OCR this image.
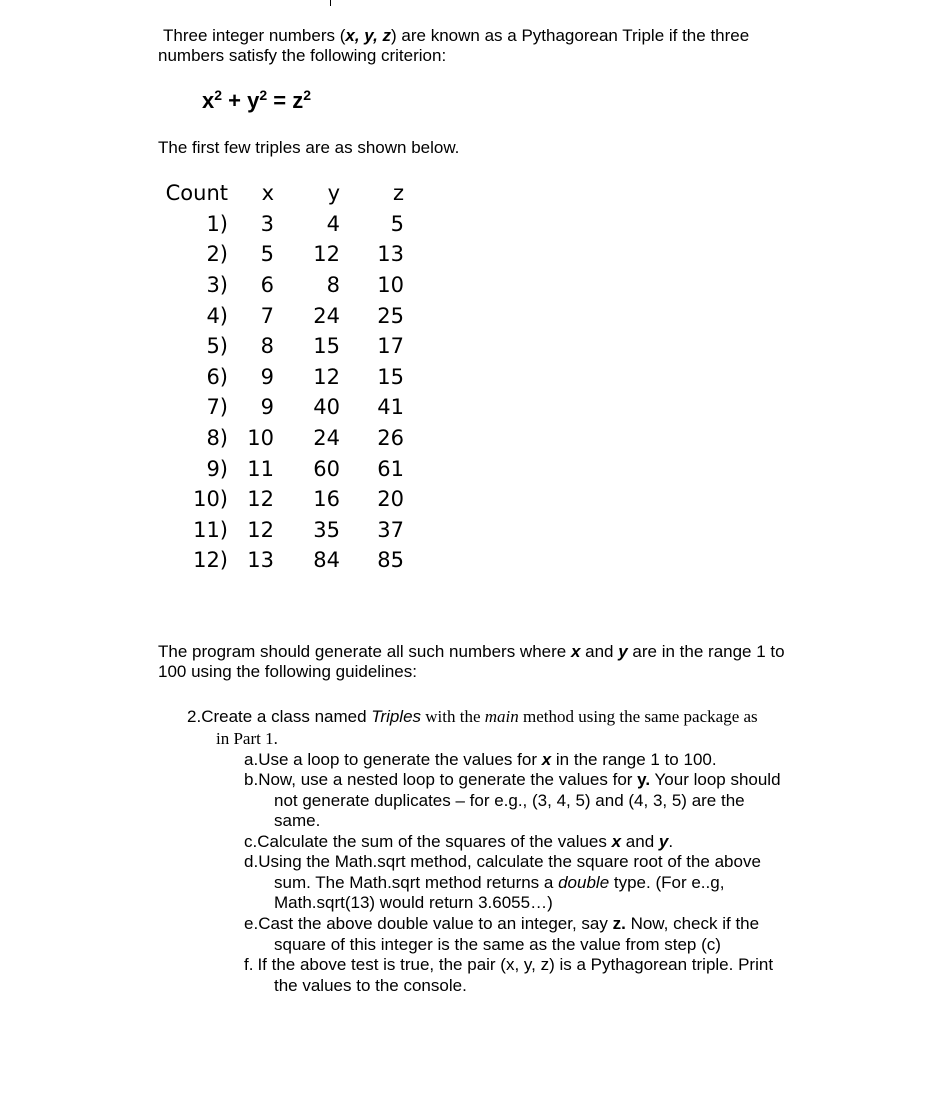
Three integer numbers (x, y, z) are known as a Pythagorean Triple if the three
numbers satisfy the following criterion:
$x^2 + y^2 = z^2$
The first few triples are as shown below.
Count	x	y	z
1)	3	4	5
2)	5	12	13
3)	6	8	10
4)	7	24	25
5)	8	15	17
6)	9	12	15
7)	9	40	41
8)	10	24	26
9)	11	60	61
10)	12	16	20
11)	12	35	37
12)	13	84	85
The program should generate all such numbers where x and y are in the range 1 to
100 using the following guidelines:
2.Create a class named Triples with the main method using the same package as
in Part 1.
a.Use a loop to generate the values for x in the range 1 to 100.
b.Now, use a nested loop to generate the values for y. Your loop should
not generate duplicates – for e.g., (3, 4, 5) and (4, 3, 5) are the
same.
c.Calculate the sum of the squares of the values x and y.
d.Using the Math.sqrt method, calculate the square root of the above
sum. The Math.sqrt method returns a double type. (For e..g,
Math.sqrt(13) would return 3.6055…)
e.Cast the above double value to an integer, say z. Now, check if the
square of this integer is the same as the value from step (c)
f. If the above test is true, the pair (x, y, z) is a Pythagorean triple. Print
the values to the console.
